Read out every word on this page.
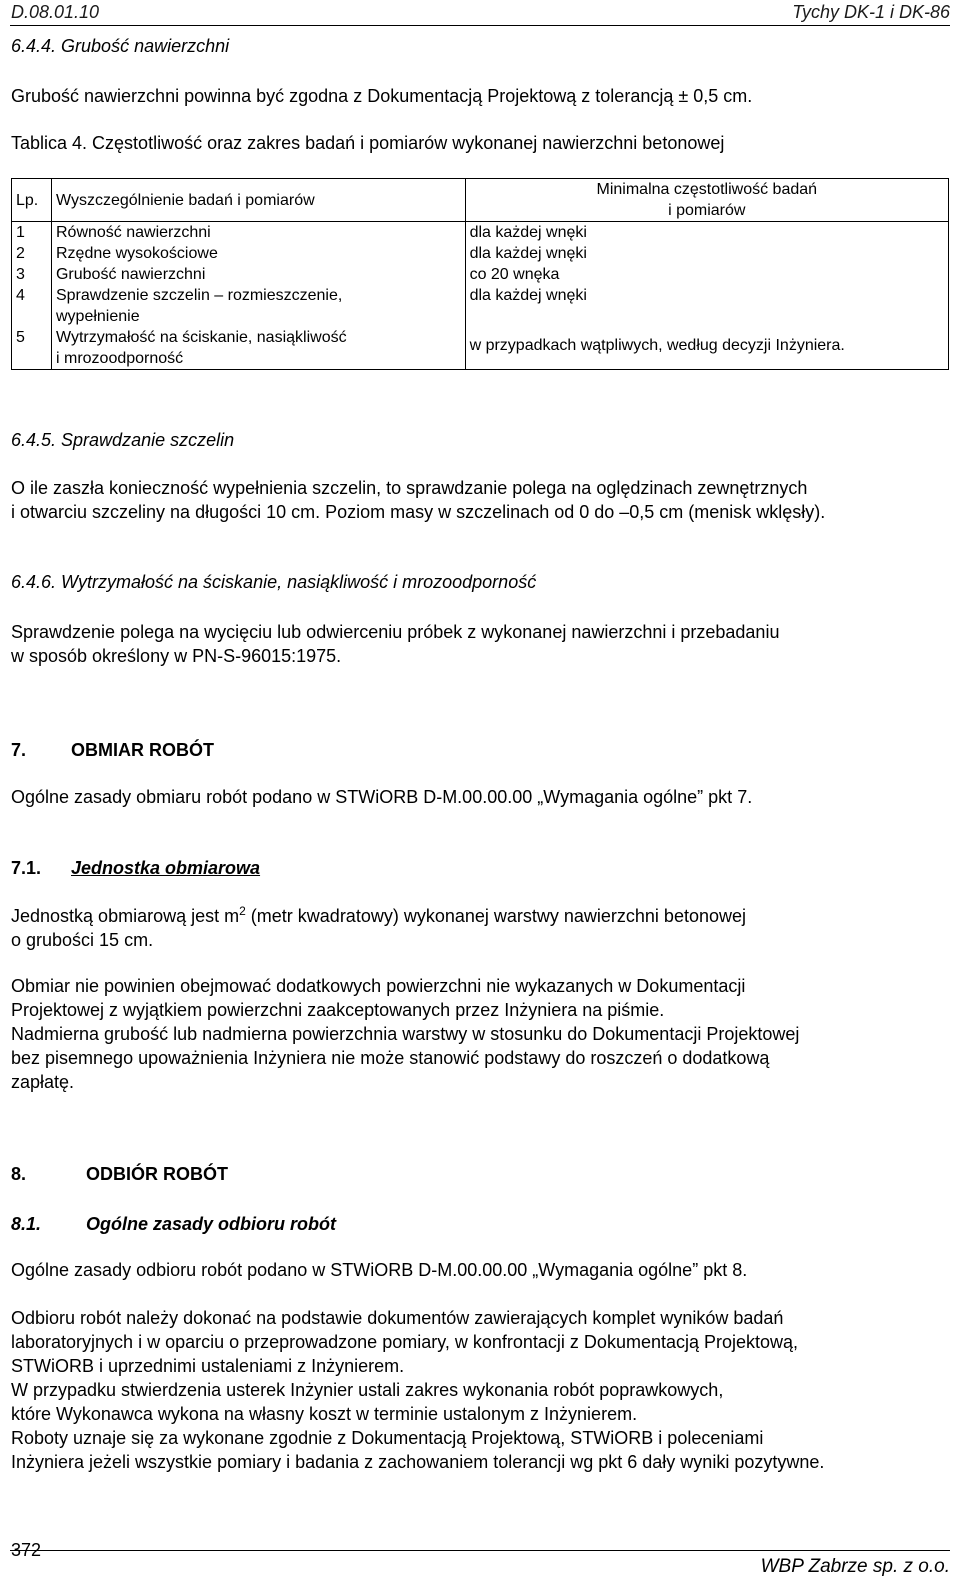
D.08.01.10	Tychy DK-1 i DK-86
6.4.4. Grubość nawierzchni
Grubość nawierzchni powinna być zgodna z Dokumentacją Projektową z tolerancją ± 0,5 cm.
Tablica 4. Częstotliwość oraz zakres badań i pomiarów wykonanej nawierzchni betonowej
Lp.	Wyszczególnienie badań i pomiarów	Minimalna częstotliwość badań
i pomiarów

1	Równość nawierzchni	dla każdej wnęki
2	Rzędne wysokościowe	dla każdej wnęki
3	Grubość nawierzchni	co 20 wnęka
4	Sprawdzenie szczelin – rozmieszczenie,
wypełnienie	dla każdej wnęki
5	Wytrzymałość na ściskanie, nasiąkliwość
i mrozoodporność	w przypadkach wątpliwych, według decyzji Inżyniera.
6.4.5. Sprawdzanie szczelin
O ile zaszła konieczność wypełnienia szczelin, to sprawdzanie polega na oględzinach zewnętrznych
i otwarciu szczeliny na długości 10 cm. Poziom masy w szczelinach od 0 do –0,5 cm (menisk wklęsły).
6.4.6. Wytrzymałość na ściskanie, nasiąkliwość i mrozoodporność
Sprawdzenie polega na wycięciu lub odwierceniu próbek z wykonanej nawierzchni i przebadaniu
w sposób określony w PN-S-96015:1975.
7. OBMIAR ROBÓT
Ogólne zasady obmiaru robót podano w STWiORB D-M.00.00.00 „Wymagania ogólne” pkt 7.
7.1. Jednostka obmiarowa
Jednostką obmiarową jest $m^2$ (metr kwadratowy) wykonanej warstwy nawierzchni betonowej
o grubości 15 cm.
Obmiar nie powinien obejmować dodatkowych powierzchni nie wykazanych w Dokumentacji
Projektowej z wyjątkiem powierzchni zaakceptowanych przez Inżyniera na piśmie.
Nadmierna grubość lub nadmierna powierzchnia warstwy w stosunku do Dokumentacji Projektowej
bez pisemnego upoważnienia Inżyniera nie może stanowić podstawy do roszczeń o dodatkową
zapłatę.
8.	ODBIÓR ROBÓT
8.1. Ogólne zasady odbioru robót
Ogólne zasady odbioru robót podano w STWiORB D-M.00.00.00 „Wymagania ogólne” pkt 8.
Odbioru robót należy dokonać na podstawie dokumentów zawierających komplet wyników badań
laboratoryjnych i w oparciu o przeprowadzone pomiary, w konfrontacji z Dokumentacją Projektową,
STWiORB i uprzednimi ustaleniami z Inżynierem.
W przypadku stwierdzenia usterek Inżynier ustali zakres wykonania robót poprawkowych,
które Wykonawca wykona na własny koszt w terminie ustalonym z Inżynierem.
Roboty uznaje się za wykonane zgodnie z Dokumentacją Projektową, STWiORB i poleceniami
Inżyniera jeżeli wszystkie pomiary i badania z zachowaniem tolerancji wg pkt 6 dały wyniki pozytywne.
372
WBP Zabrze sp. z o.o.
